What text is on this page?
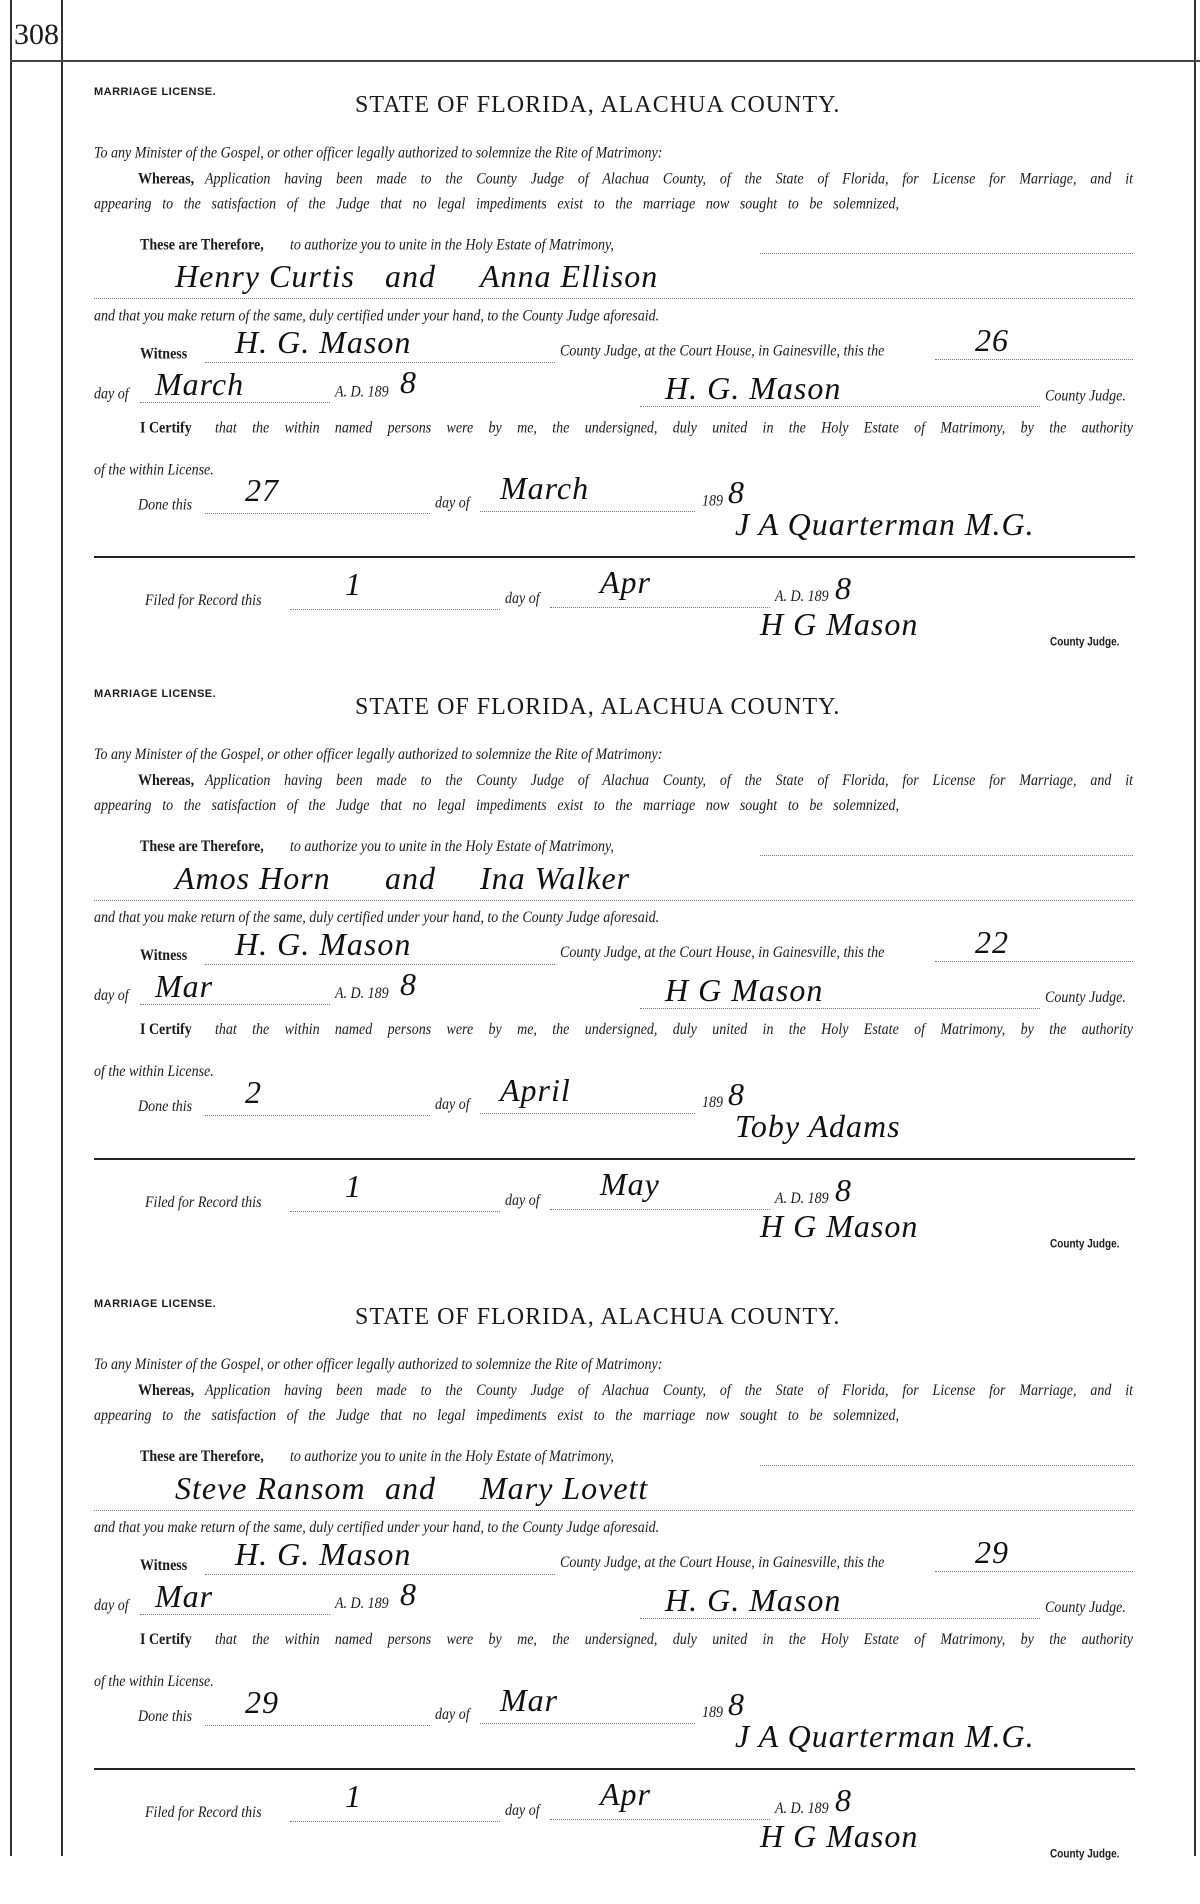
308
MARRIAGE LICENSE.	STATE OF FLORIDA, ALACHUA COUNTY.
To any Minister of the Gospel, or other officer legally authorized to solemnize the Rite of Matrimony:
Application having been made to the County Judge of Alachua County, of the State of Florida, for License for Marriage, and it
Whereas,
appearing to the satisfaction of the Judge that no legal impediments exist to the marriage now sought to be solemnized,
These are Therefore, to authorize you to unite in the Holy Estate of Matrimony,
Henry Curtis and Anna Ellison
and that you make return of the same, duly certified under your hand, to the County Judge aforesaid.
Witness H. G. Mason	County Judge, at the Court House, in Gainesville, this the	26
day of March	A. D. 189 8	H. G. Mason	County Judge.
I Certify that the within named persons were by me, the undersigned, duly united in the Holy Estate of Matrimony, by the authority
of the within License.
Done this 27	day of March	189 8
J A Quarterman M.G.
Filed for Record this	1	day of Apr	A. D. 189 8
H G Mason
County Judge.
MARRIAGE LICENSE.	STATE OF FLORIDA, ALACHUA COUNTY.
To any Minister of the Gospel, or other officer legally authorized to solemnize the Rite of Matrimony:
Application having been made to the County Judge of Alachua County, of the State of Florida, for License for Marriage, and it
Whereas,
appearing to the satisfaction of the Judge that no legal impediments exist to the marriage now sought to be solemnized,
These are Therefore, to authorize you to unite in the Holy Estate of Matrimony,
Amos Horn and Ina Walker
and that you make return of the same, duly certified under your hand, to the County Judge aforesaid.
Witness H. G. Mason	County Judge, at the Court House, in Gainesville, this the	22
day of Mar	A. D. 189 8	H G Mason	County Judge.
I Certify that the within named persons were by me, the undersigned, duly united in the Holy Estate of Matrimony, by the authority
of the within License.
Done this 2	day of April	189 8
Toby Adams
Filed for Record this	1	day of May	A. D. 189 8
H G Mason
County Judge.
MARRIAGE LICENSE.	STATE OF FLORIDA, ALACHUA COUNTY.
To any Minister of the Gospel, or other officer legally authorized to solemnize the Rite of Matrimony:
Application having been made to the County Judge of Alachua County, of the State of Florida, for License for Marriage, and it
Whereas,
appearing to the satisfaction of the Judge that no legal impediments exist to the marriage now sought to be solemnized,
These are Therefore, to authorize you to unite in the Holy Estate of Matrimony,
Steve Ransom and Mary Lovett
and that you make return of the same, duly certified under your hand, to the County Judge aforesaid.
Witness H. G. Mason	County Judge, at the Court House, in Gainesville, this the	29
day of Mar	A. D. 189 8	H. G. Mason	County Judge.
I Certify that the within named persons were by me, the undersigned, duly united in the Holy Estate of Matrimony, by the authority
of the within License.
Done this 29	day of Mar	189 8
J A Quarterman M.G.
Filed for Record this	1	day of Apr	A. D. 189 8
H G Mason
County Judge.
